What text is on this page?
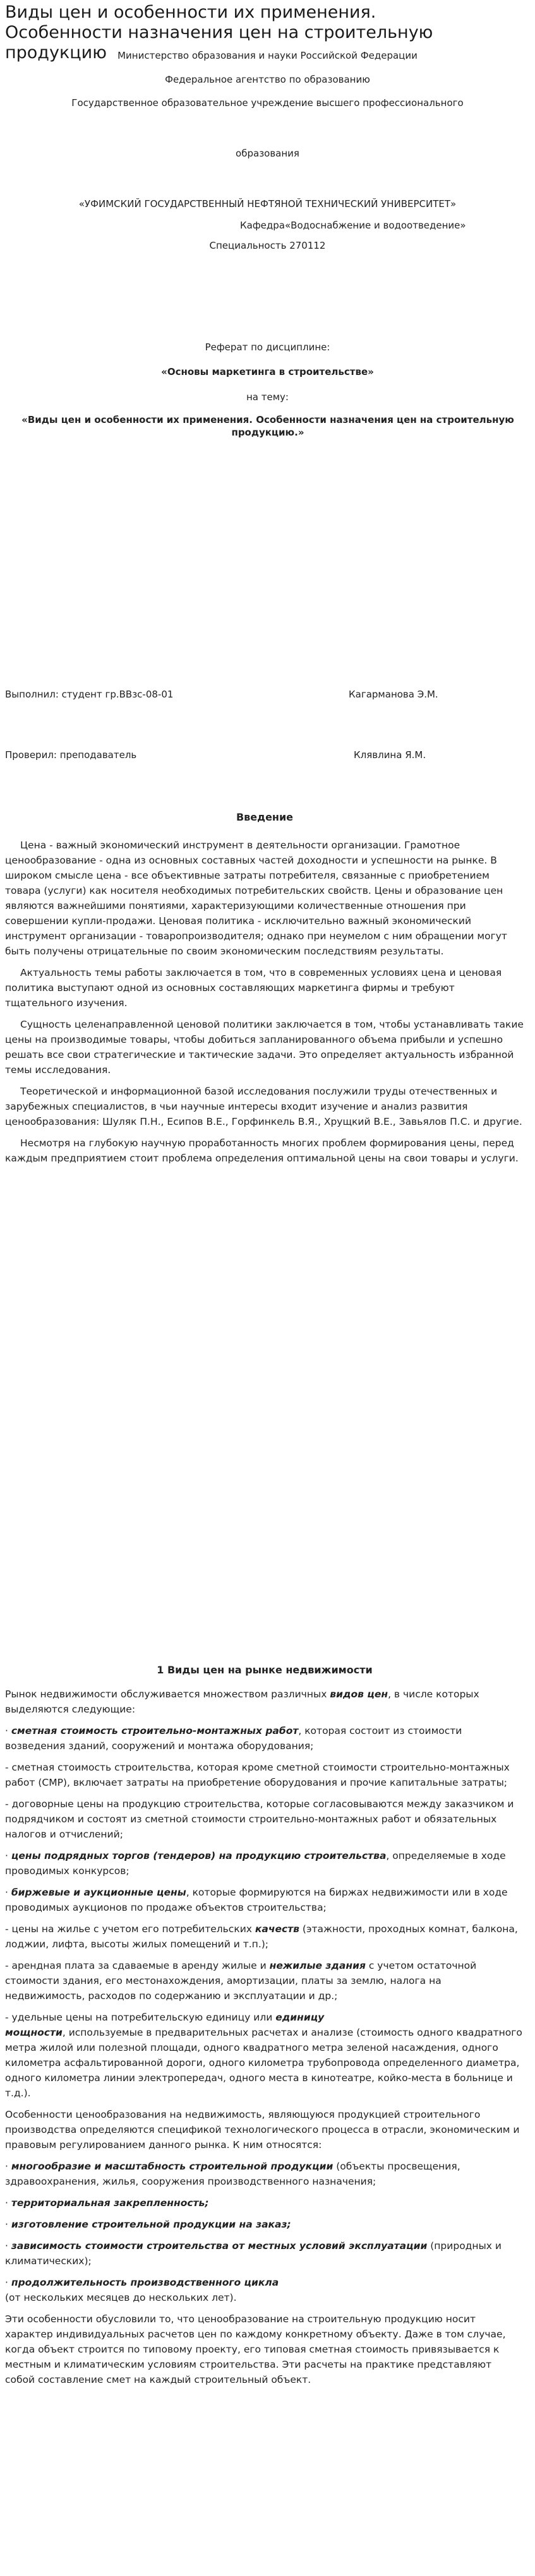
Виды цен и особенности их применения. Особенности назначения цен на строительную продукцию	Министерство образования и науки Российской Федерации
Федеральное агентство по образованию
Государственное образовательное учреждение высшего профессионального
образования
«УФИМСКИЙ ГОСУДАРСТВЕННЫЙ НЕФТЯНОЙ ТЕХНИЧЕСКИЙ УНИВЕРСИТЕТ»
Кафедра«Водоснабжение и водоотведение»
Специальность 270112
Реферат по дисциплине:
«Основы маркетинга в строительстве»
на тему:
«Виды цен и особенности их применения. Особенности назначения цен на строительную продукцию.»
Выполнил: студент гр.ВВзс-08-01	Кагарманова Э.М.
Проверил: преподаватель	Клявлина Я.М.

Введение

Цена - важный экономический инструмент в деятельности организации. Грамотное ценообразование - одна из основных составных частей доходности и успешности на рынке. В широком смысле цена - все объективные затраты потребителя, связанные с приобретением товара (услуги) как носителя необходимых потребительских свойств. Цены и образование цен являются важнейшими понятиями, характеризующими количественные отношения при совершении купли-продажи. Ценовая политика - исключительно важный экономический инструмент организации - товаропроизводителя; однако при неумелом с ним обращении могут быть получены отрицательные по своим экономическим последствиям результаты.

Актуальность темы работы заключается в том, что в современных условиях цена и ценовая политика выступают одной из основных составляющих маркетинга фирмы и требуют тщательного изучения.

Сущность целенаправленной ценовой политики заключается в том, чтобы устанавливать такие цены на производимые товары, чтобы добиться запланированного объема прибыли и успешно решать все свои стратегические и тактические задачи. Это определяет актуальность избранной темы исследования.

Теоретической и информационной базой исследования послужили труды отечественных и зарубежных специалистов, в чьи научные интересы входит изучение и анализ развития ценообразования: Шуляк П.Н., Есипов В.Е., Горфинкель В.Я., Хрущкий В.Е., Завьялов П.С. и другие.

Несмотря на глубокую научную проработанность многих проблем формирования цены, перед каждым предприятием стоит проблема определения оптимальной цены на свои товары и услуги.

1 Виды цен на рынке недвижимости

Рынок недвижимости обслуживается множеством различных видов цен, в числе которых выделяются следующие:

· сметная стоимость строительно-монтажных работ, которая состоит из стоимости возведения зданий, сооружений и монтажа оборудования;

- сметная стоимость строительства, которая кроме сметной стоимости строительно-монтажных работ (СМР), включает затраты на приобретение оборудования и прочие капитальные затраты;

- договорные цены на продукцию строительства, которые согласовываются между заказчиком и подрядчиком и состоят из сметной стоимости строительно-монтажных работ и обязательных налогов и отчислений;

· цены подрядных торгов (тендеров) на продукцию строительства, определяемые в ходе проводимых конкурсов;

· биржевые и аукционные цены, которые формируются на биржах недвижимости или в ходе проводимых аукционов по продаже объектов строительства;

- цены на жилье с учетом его потребительских качеств (этажности, проходных комнат, балкона, лоджии, лифта, высоты жилых помещений и т.п.);

- арендная плата за сдаваемые в аренду жилые и нежилые здания с учетом остаточной стоимости здания, его местонахождения, амортизации, платы за землю, налога на недвижимость, расходов по содержанию и эксплуатации и др.;

- удельные цены на потребительскую единицу или единицу
мощности, используемые в предварительных расчетах и анализе (стоимость одного квадратного метра жилой или полезной площади, одного квадратного метра зеленой насаждения, одного километра асфальтированной дороги, одного километра трубопровода определенного диаметра, одного километра линии электропередач, одного места в кинотеатре, койко-места в больнице и т.д.).

Особенности ценообразования на недвижимость, являющуюся продукцией строительного производства определяются спецификой технологического процесса в отрасли, экономическим и правовым регулированием данного рынка. К ним относятся:

· многообразие и масштабность строительной продукции (объекты просвещения, здравоохранения, жилья, сооружения производственного назначения;

· территориальная закрепленность;

· изготовление строительной продукции на заказ;

· зависимость стоимости строительства от местных условий эксплуатации (природных и климатических);

· продолжительность производственного цикла
(от нескольких месяцев до нескольких лет).

Эти особенности обусловили то, что ценообразование на строительную продукцию носит характер индивидуальных расчетов цен по каждому конкретному объекту. Даже в том случае, когда объект строится по типовому проекту, его типовая сметная стоимость привязывается к местным и климатическим условиям строительства. Эти расчеты на практике представляют собой составление смет на каждый строительный объект.
